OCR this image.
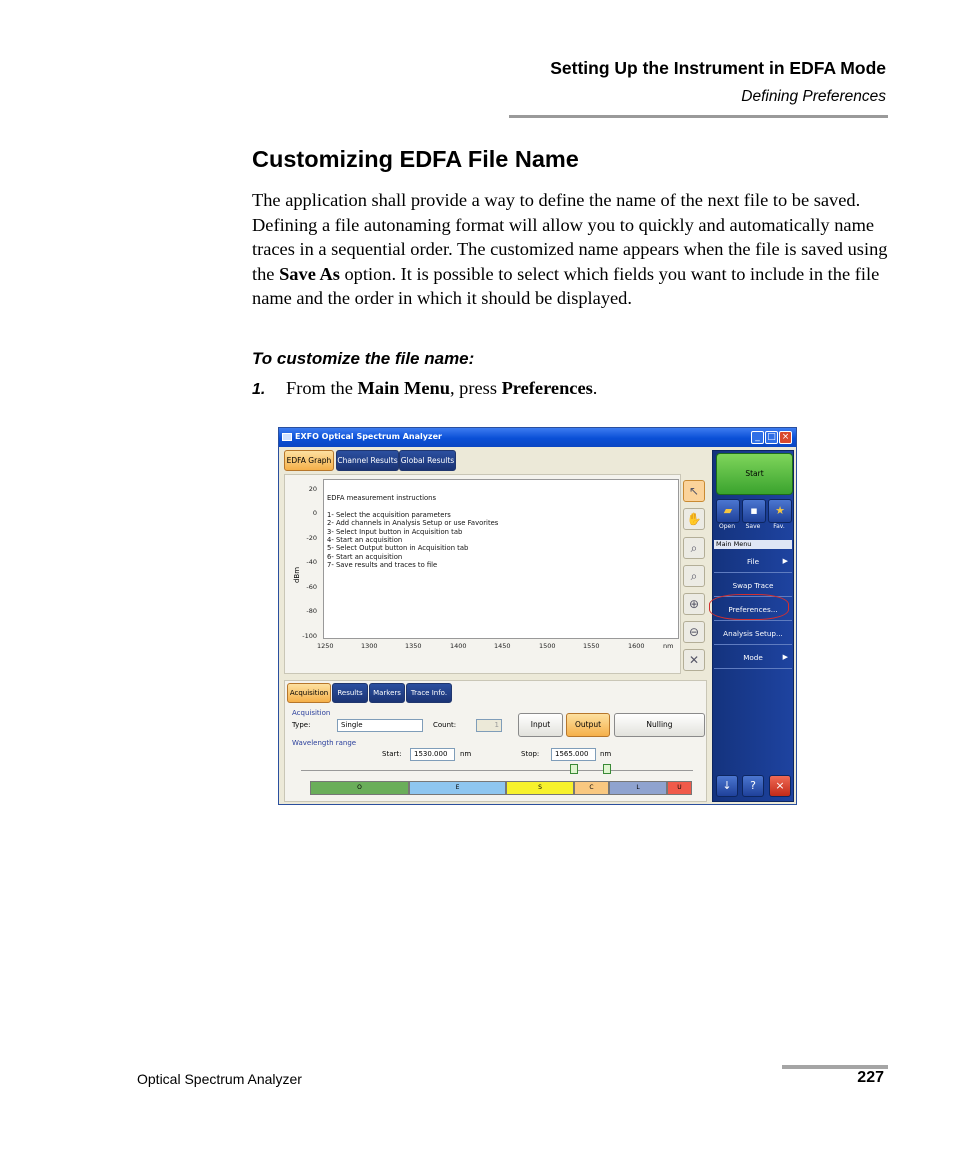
Setting Up the Instrument in EDFA Mode
Defining Preferences
Customizing EDFA File Name

The application shall provide a way to define the name of the next file to be saved. Defining a file autonaming format will allow you to quickly and automatically name traces in a sequential order. The customized name appears when the file is saved using the Save As option. It is possible to select which fields you want to include in the file name and the order in which it should be displayed.

To customize the file name:

1. From the Main Menu, press Preferences.
EXFO Optical Spectrum Analyzer	_ □ ×
EDFA Graph Channel Results Global Results
dBm
20
0
-20
-40
-60
-80
-100
EDFA measurement instructions

1- Select the acquisition parameters
2- Add channels in Analysis Setup or use Favorites
3- Select Input button in Acquisition tab
4- Start an acquisition
5- Select Output button in Acquisition tab
6- Start an acquisition
7- Save results and traces to file
1250	1300	1350	1400	1450	1500	1550	1600	nm
↖
✋
⌕
⌕
⊕
⊖
✕
Start
▰	▪	★
Open	Save	Fav.
Main Menu
File	▶
Swap Trace
Preferences...
Analysis Setup...
Mode	▶
↓	?	×
Acquisition	Results	Markers	Trace Info.
Acquisition
Type:	Single	Count:	1	Input	Output	Nulling
Wavelength range
Start:	1530.000	nm	Stop:	1565.000	nm
O	E	S	C	L	U
Optical Spectrum Analyzer	227
